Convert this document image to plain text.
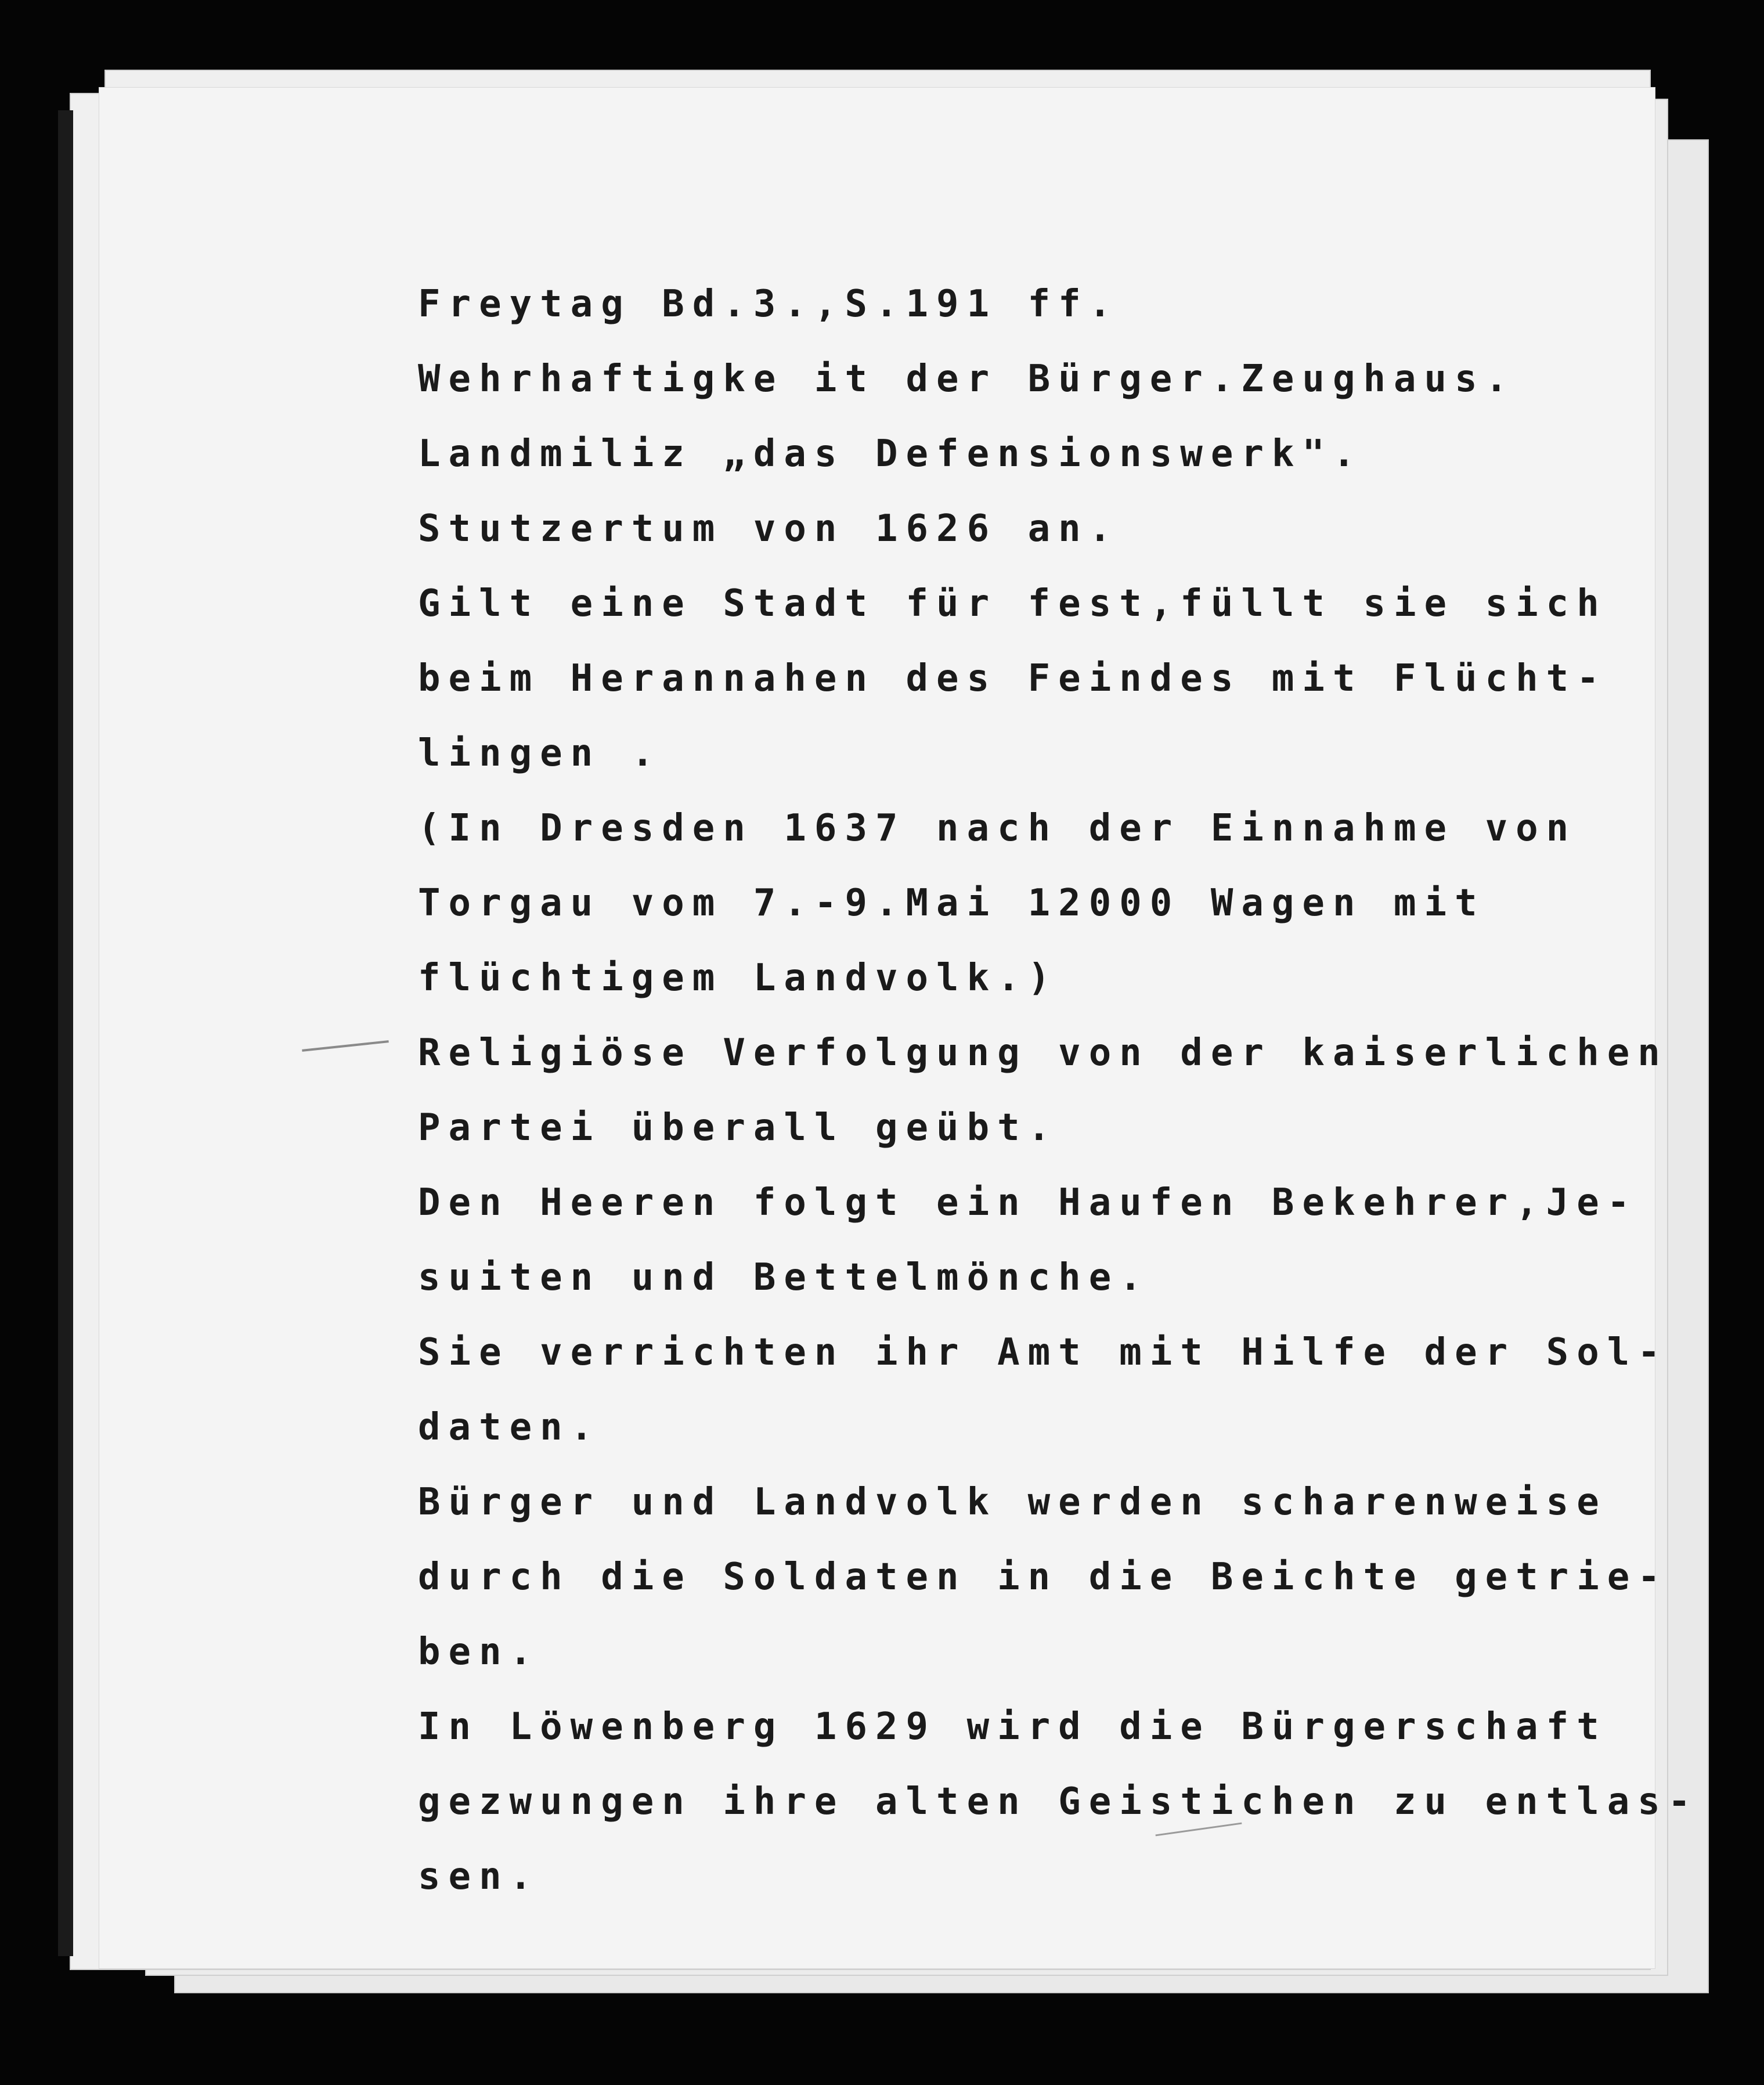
Freytag Bd.3.,S.191 ff.
Wehrhaftigke it der Bürger.Zeughaus.
Landmiliz „das Defensionswerk".
Stutzertum von 1626 an.
Gilt eine Stadt für fest,füllt sie sich
beim Herannahen des Feindes mit Flücht-
lingen .
(In Dresden 1637 nach der Einnahme von
Torgau vom 7.-9.Mai 12000 Wagen mit
flüchtigem Landvolk.)
Religiöse Verfolgung von der kaiserlichen
Partei überall geübt.
Den Heeren folgt ein Haufen Bekehrer,Je-
suiten und Bettelmönche.
Sie verrichten ihr Amt mit Hilfe der Sol-
daten.
Bürger und Landvolk werden scharenweise
durch die Soldaten in die Beichte getrie-
ben.
In Löwenberg 1629 wird die Bürgerschaft
gezwungen ihre alten Geistichen zu entlas-
sen.
